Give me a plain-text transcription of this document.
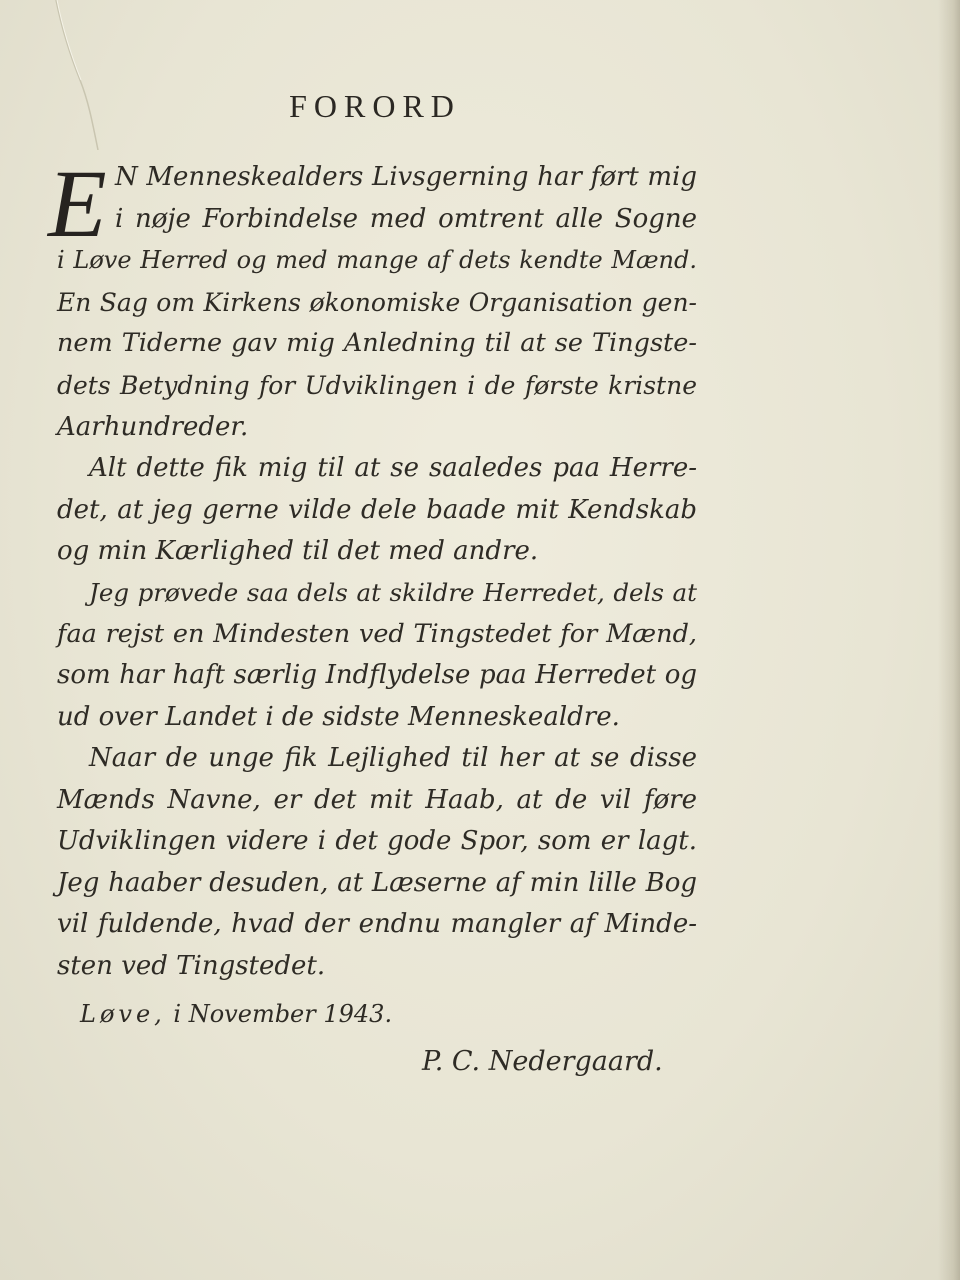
FORORD
E N Menneskealders Livsgerning har ført mig
i nøje Forbindelse med omtrent alle Sogne
i Løve Herred og med mange af dets kendte Mænd.
En Sag om Kirkens økonomiske Organisation gen-
nem Tiderne gav mig Anledning til at se Tingste-
dets Betydning for Udviklingen i de første kristne
Aarhundreder.
Alt dette fik mig til at se saaledes paa Herre-
det, at jeg gerne vilde dele baade mit Kendskab
og min Kærlighed til det med andre.
Jeg prøvede saa dels at skildre Herredet, dels at
faa rejst en Mindesten ved Tingstedet for Mænd,
som har haft særlig Indflydelse paa Herredet og
ud over Landet i de sidste Menneskealdre.
Naar de unge fik Lejlighed til her at se disse
Mænds Navne, er det mit Haab, at de vil føre
Udviklingen videre i det gode Spor, som er lagt.
Jeg haaber desuden, at Læserne af min lille Bog
vil fuldende, hvad der endnu mangler af Minde-
sten ved Tingstedet.
Løve, i November 1943.
P. C. Nedergaard.
